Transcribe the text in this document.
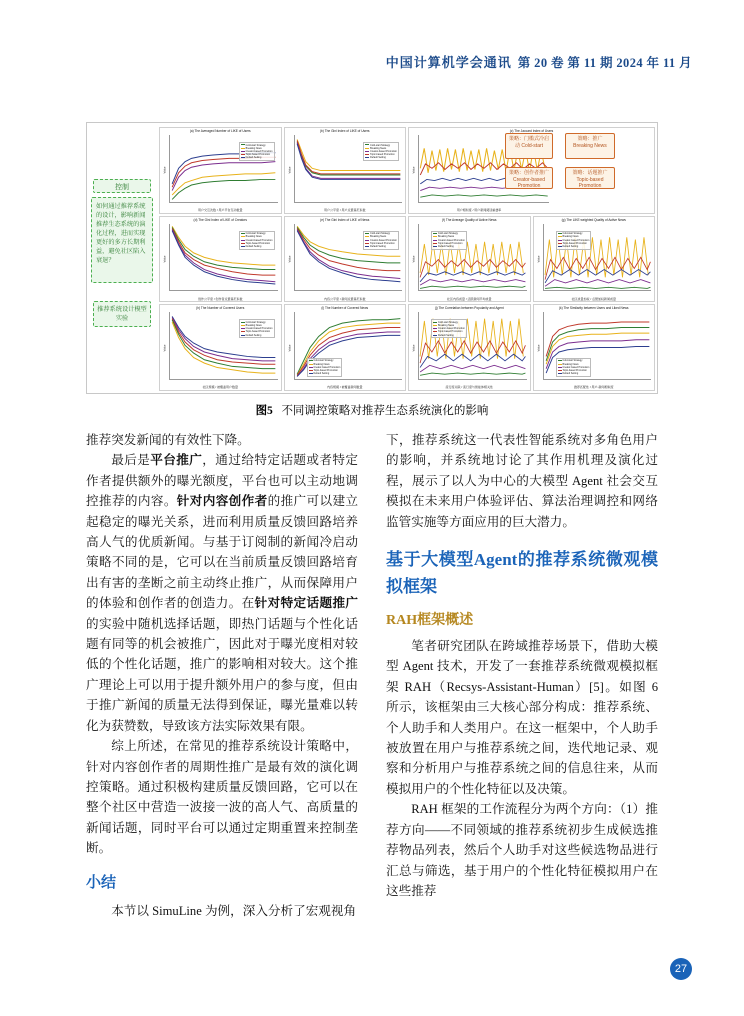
中国计算机学会通讯 第 20 卷 第 11 期 2024 年 11 月
控制
如何通过推荐系统的设计，影响新闻推荐生态系统的演化过程，进而实现更好的多方长期利益，避免社区陷入衰退？
推荐系统设计模型实验
策略：门槛式冷启动 Cold-start
策略：推广 Breaking News
策略：创作者推广 Creator-based Promotion
策略：话题推广 Topic-based Promotion
(a) The Averaged Number of LIKE of Users
Value
Cold-start Strategy
Breaking News
Creator-based Promotion
Topic-based Promotion
Default Setting
用户交互次数 / 用户平台互动数量
(b) The Gini Index of LIKE of Users
Value
Cold-start Strategy
Breaking News
Creator-based Promotion
Topic-based Promotion
Default Setting
用户公平度 / 用户点赞基尼系数
(c) The Jaccard Index of Users
Value
用户相似度 / 用户新闻阅读重叠率
(d) The Gini Index of LIKE of Creators
Value
Cold-start Strategy
Breaking News
Creator-based Promotion
Topic-based Promotion
Default Setting
创作公平度 / 创作者点赞基尼系数
(e) The Gini Index of LIKE of News
Value
Cold-start Strategy
Breaking News
Creator-based Promotion
Topic-based Promotion
Default Setting
内容公平度 / 新闻点赞基尼系数
(f) The Average Quality of Active News
Value
Cold-start Strategy
Breaking News
Creator-based Promotion
Topic-based Promotion
Default Setting
社区内容质量 / 活跃新闻平均质量
(g) The LIKE weighted Quality of Active News
Value
Cold-start Strategy
Breaking News
Creator-based Promotion
Topic-based Promotion
Default Setting
社区质量加权 / 点赞加权新闻质量
(h) The Number of Covered Users
Value
Cold-start Strategy
Breaking News
Creator-based Promotion
Topic-based Promotion
Default Setting
社区规模 / 被覆盖用户数量
(i) The Number of Covered News
Value
Cold-start Strategy
Breaking News
Creator-based Promotion
Topic-based Promotion
Default Setting
内容规模 / 被覆盖新闻数量
(j) The Correlation between Popularity and Agent
Value
Cold-start Strategy
Breaking News
Creator-based Promotion
Topic-based Promotion
Default Setting
流行度关联 / 流行度与智能体相关性
(k) The Similarity between Users and Liked News
Value
Cold-start Strategy
Breaking News
Creator-based Promotion
Topic-based Promotion
Default Setting
推荐匹配性 / 用户-新闻相似度
图5 不同调控策略对推荐生态系统演化的影响

推荐突发新闻的有效性下降。

最后是平台推广，通过给特定话题或者特定作者提供额外的曝光额度，平台也可以主动地调控推荐的内容。针对内容创作者的推广可以建立起稳定的曝光关系，进而利用质量反馈回路培养高人气的优质新闻。与基于订阅制的新闻冷启动策略不同的是，它可以在当前质量反馈回路培育出有害的垄断之前主动终止推广，从而保障用户的体验和创作者的创造力。在针对特定话题推广的实验中随机选择话题，即热门话题与个性化话题有同等的机会被推广，因此对于曝光度相对较低的个性化话题，推广的影响相对较大。这个推广理论上可以用于提升额外用户的参与度，但由于推广新闻的质量无法得到保证，曝光量难以转化为获赞数，导致该方法实际效果有限。

综上所述，在常见的推荐系统设计策略中，针对内容创作者的周期性推广是最有效的演化调控策略。通过积极构建质量反馈回路，它可以在整个社区中营造一波接一波的高人气、高质量的新闻话题，同时平台可以通过定期重置来控制垄断。

小结

本节以 SimuLine 为例，深入分析了宏观视角

下，推荐系统这一代表性智能系统对多角色用户的影响，并系统地讨论了其作用机理及演化过程，展示了以人为中心的大模型 Agent 社会交互模拟在未来用户体验评估、算法治理调控和网络监管实施等方面应用的巨大潜力。

基于大模型Agent的推荐系统微观模拟框架
RAH框架概述

笔者研究团队在跨域推荐场景下，借助大模型 Agent 技术，开发了一套推荐系统微观模拟框架 RAH（Recsys-Assistant-Human）[5]。如图 6 所示，该框架由三大核心部分构成：推荐系统、个人助手和人类用户。在这一框架中，个人助手被放置在用户与推荐系统之间，迭代地记录、观察和分析用户与推荐系统之间的信息往来，从而模拟用户的个性化特征以及决策。

RAH 框架的工作流程分为两个方向：（1）推荐方向——不同领域的推荐系统初步生成候选推荐物品列表，然后个人助手对这些候选物品进行汇总与筛选，基于用户的个性化特征模拟用户在这些推荐

27
